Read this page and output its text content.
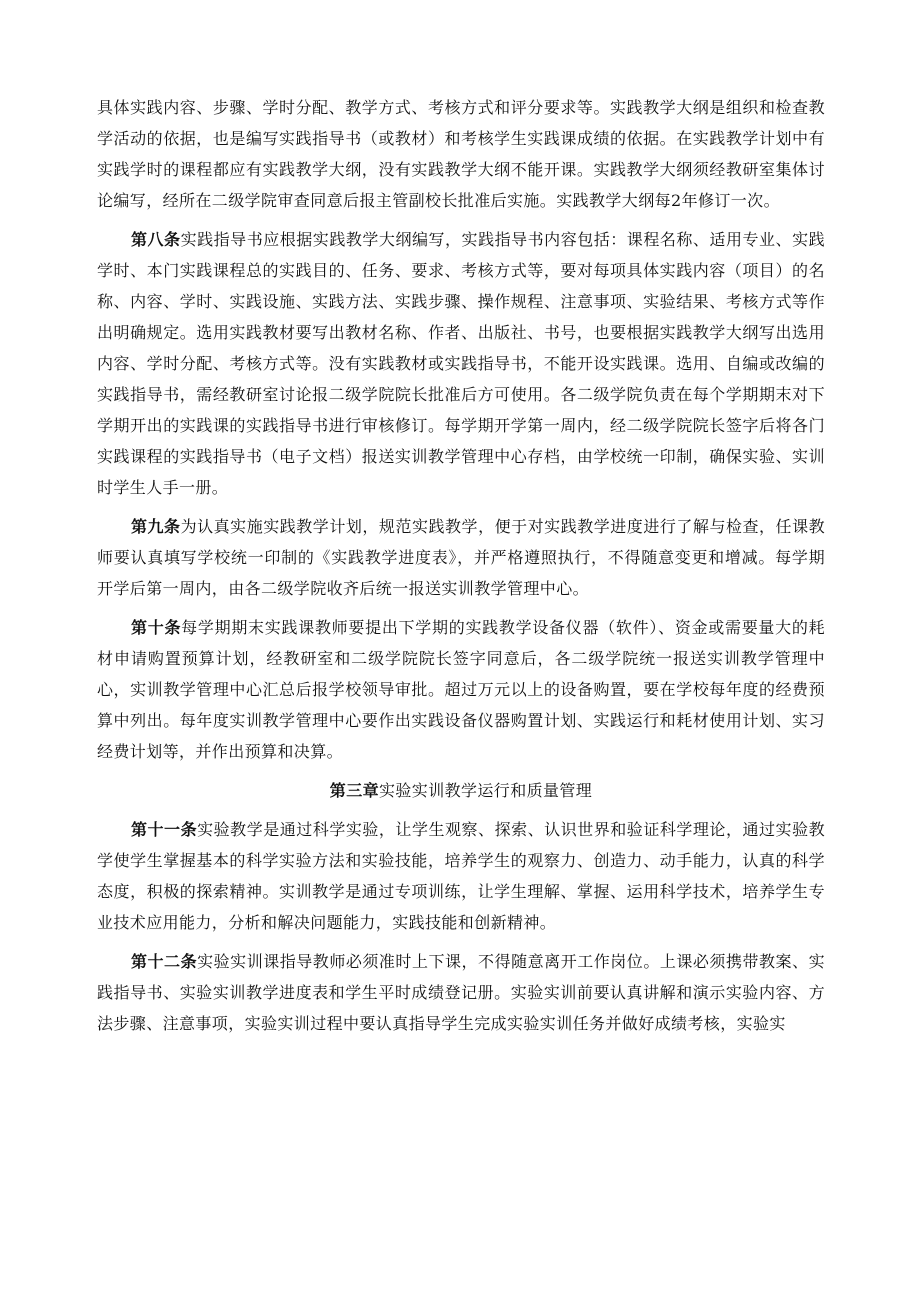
具体实践内容、步骤、学时分配、教学方式、考核方式和评分要求等。实践教学大纲是组织和检查教学活动的依据，也是编写实践指导书（或教材）和考核学生实践课成绩的依据。在实践教学计划中有实践学时的课程都应有实践教学大纲，没有实践教学大纲不能开课。实践教学大纲须经教研室集体讨论编写，经所在二级学院审查同意后报主管副校长批准后实施。实践教学大纲每2年修订一次。

第八条实践指导书应根据实践教学大纲编写，实践指导书内容包括：课程名称、适用专业、实践学时、本门实践课程总的实践目的、任务、要求、考核方式等，要对每项具体实践内容（项目）的名称、内容、学时、实践设施、实践方法、实践步骤、操作规程、注意事项、实验结果、考核方式等作出明确规定。选用实践教材要写出教材名称、作者、出版社、书号，也要根据实践教学大纲写出选用内容、学时分配、考核方式等。没有实践教材或实践指导书，不能开设实践课。选用、自编或改编的实践指导书，需经教研室讨论报二级学院院长批准后方可使用。各二级学院负责在每个学期期末对下学期开出的实践课的实践指导书进行审核修订。每学期开学第一周内，经二级学院院长签字后将各门实践课程的实践指导书（电子文档）报送实训教学管理中心存档，由学校统一印制，确保实验、实训时学生人手一册。

第九条为认真实施实践教学计划，规范实践教学，便于对实践教学进度进行了解与检查，任课教师要认真填写学校统一印制的《实践教学进度表》，并严格遵照执行，不得随意变更和增减。每学期开学后第一周内，由各二级学院收齐后统一报送实训教学管理中心。

第十条每学期期末实践课教师要提出下学期的实践教学设备仪器（软件）、资金或需要量大的耗材申请购置预算计划，经教研室和二级学院院长签字同意后，各二级学院统一报送实训教学管理中心，实训教学管理中心汇总后报学校领导审批。超过万元以上的设备购置，要在学校每年度的经费预算中列出。每年度实训教学管理中心要作出实践设备仪器购置计划、实践运行和耗材使用计划、实习经费计划等，并作出预算和决算。

第三章实验实训教学运行和质量管理

第十一条实验教学是通过科学实验，让学生观察、探索、认识世界和验证科学理论，通过实验教学使学生掌握基本的科学实验方法和实验技能，培养学生的观察力、创造力、动手能力，认真的科学态度，积极的探索精神。实训教学是通过专项训练，让学生理解、掌握、运用科学技术，培养学生专业技术应用能力，分析和解决问题能力，实践技能和创新精神。

第十二条实验实训课指导教师必须准时上下课，不得随意离开工作岗位。上课必须携带教案、实践指导书、实验实训教学进度表和学生平时成绩登记册。实验实训前要认真讲解和演示实验内容、方法步骤、注意事项，实验实训过程中要认真指导学生完成实验实训任务并做好成绩考核，实验实
